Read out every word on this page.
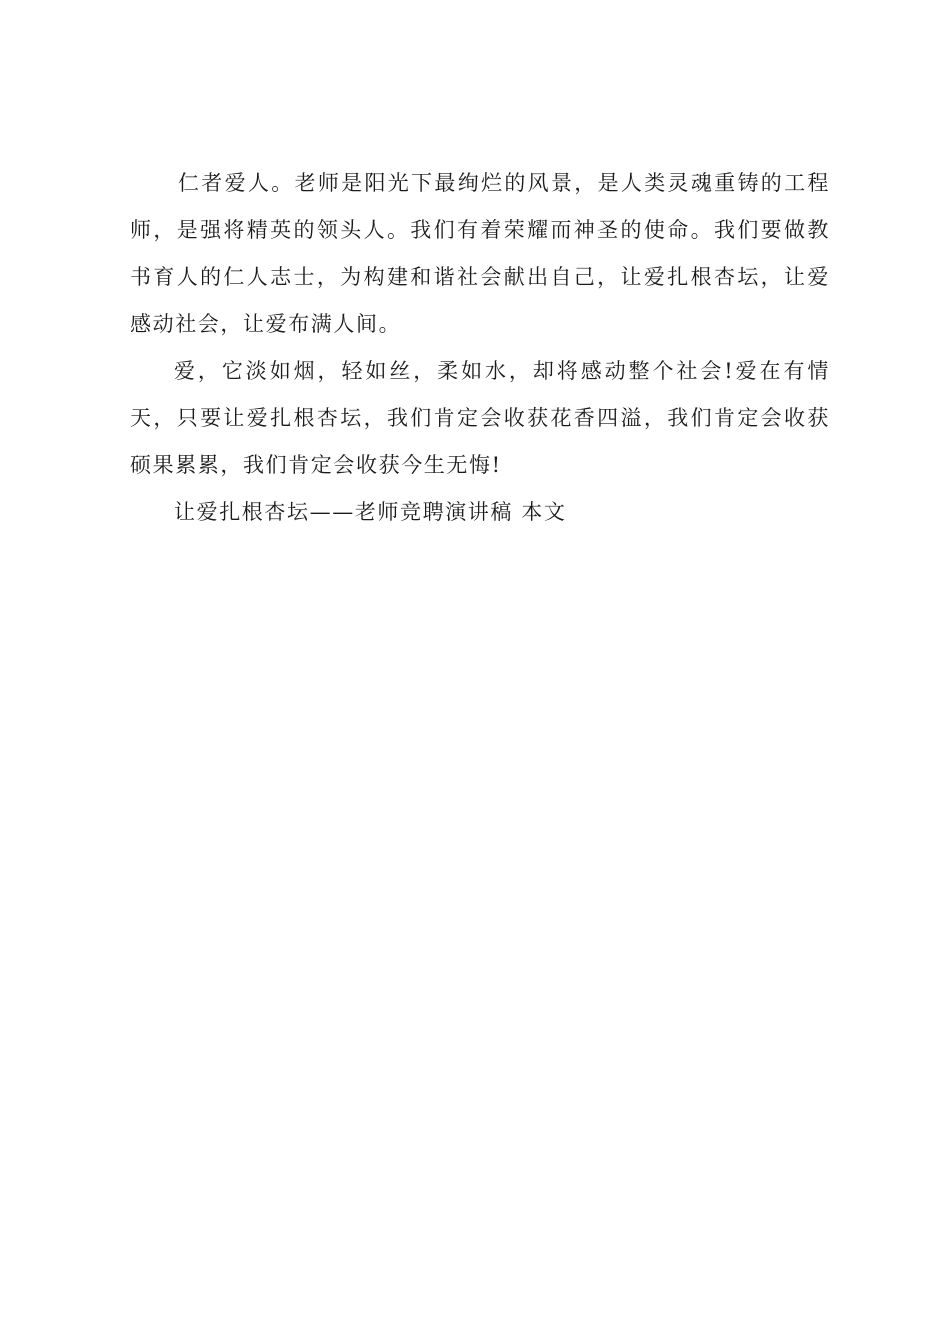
仁者爱人。老师是阳光下最绚烂的风景，是人类灵魂重铸的工程师，是强将精英的领头人。我们有着荣耀而神圣的使命。我们要做教书育人的仁人志士，为构建和谐社会献出自己，让爱扎根杏坛，让爱感动社会，让爱布满人间。

爱，它淡如烟，轻如丝，柔如水，却将感动整个社会!爱在有情天，只要让爱扎根杏坛，我们肯定会收获花香四溢，我们肯定会收获硕果累累，我们肯定会收获今生无悔!

让爱扎根杏坛——老师竞聘演讲稿 本文
